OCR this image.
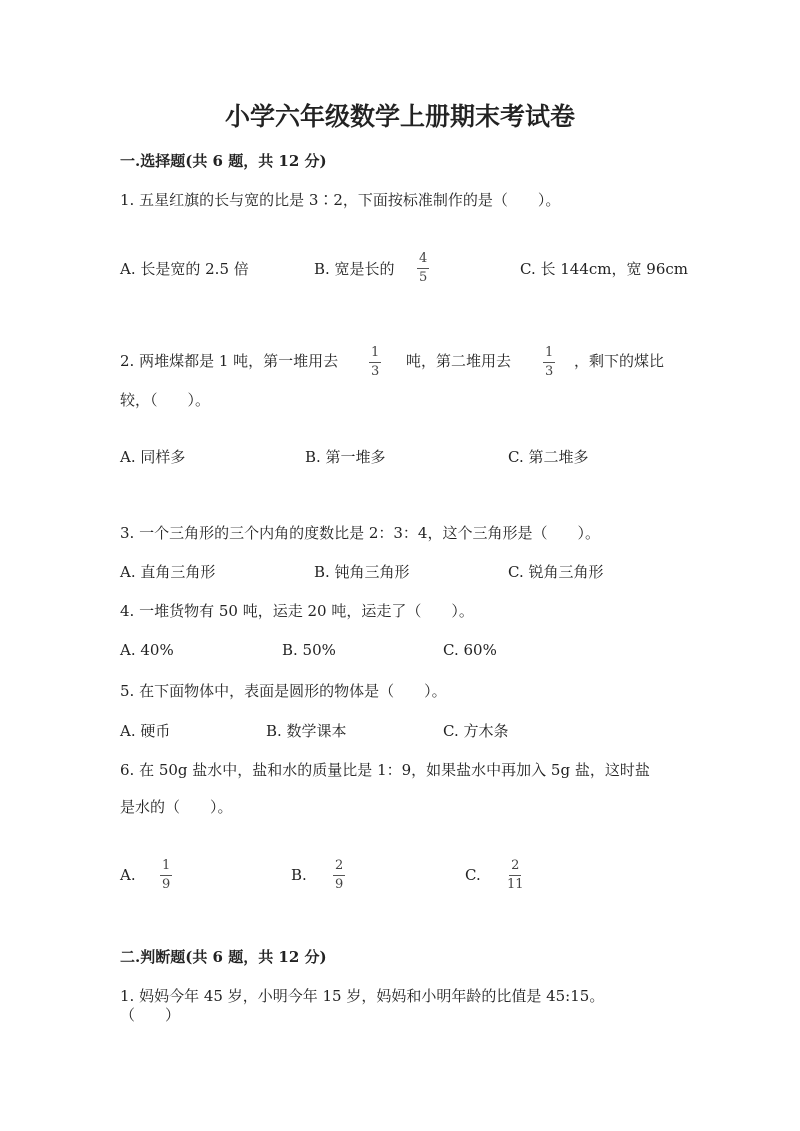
小学六年级数学上册期末考试卷
一.选择题(共 6 题，共 12 分)
1. 五星红旗的长与宽的比是 3∶2，下面按标准制作的是（　　）。
A. 长是宽的 2.5 倍	B. 宽是长的 $\frac{4}{5}$	C. 长 144cm，宽 96cm
2. 两堆煤都是 1 吨，第一堆用去 $\frac{1}{3}$ 吨，第二堆用去 $\frac{1}{3}$ ，剩下的煤比
较，（　　）。
A. 同样多	B. 第一堆多	C. 第二堆多
3. 一个三角形的三个内角的度数比是 2：3：4，这个三角形是（　　）。
A. 直角三角形	B. 钝角三角形	C. 锐角三角形
4. 一堆货物有 50 吨，运走 20 吨，运走了（　　）。
A. 40%	B. 50%	C. 60%
5. 在下面物体中，表面是圆形的物体是（　　）。
A. 硬币	B. 数学课本	C. 方木条
6. 在 50g 盐水中，盐和水的质量比是 1：9，如果盐水中再加入 5g 盐，这时盐
是水的（　　）。
A. $\frac{1}{9}$	B. $\frac{2}{9}$	C. $\frac{2}{11}$
二.判断题(共 6 题，共 12 分)
1. 妈妈今年 45 岁，小明今年 15 岁，妈妈和小明年龄的比值是 45:15。
（　　）
